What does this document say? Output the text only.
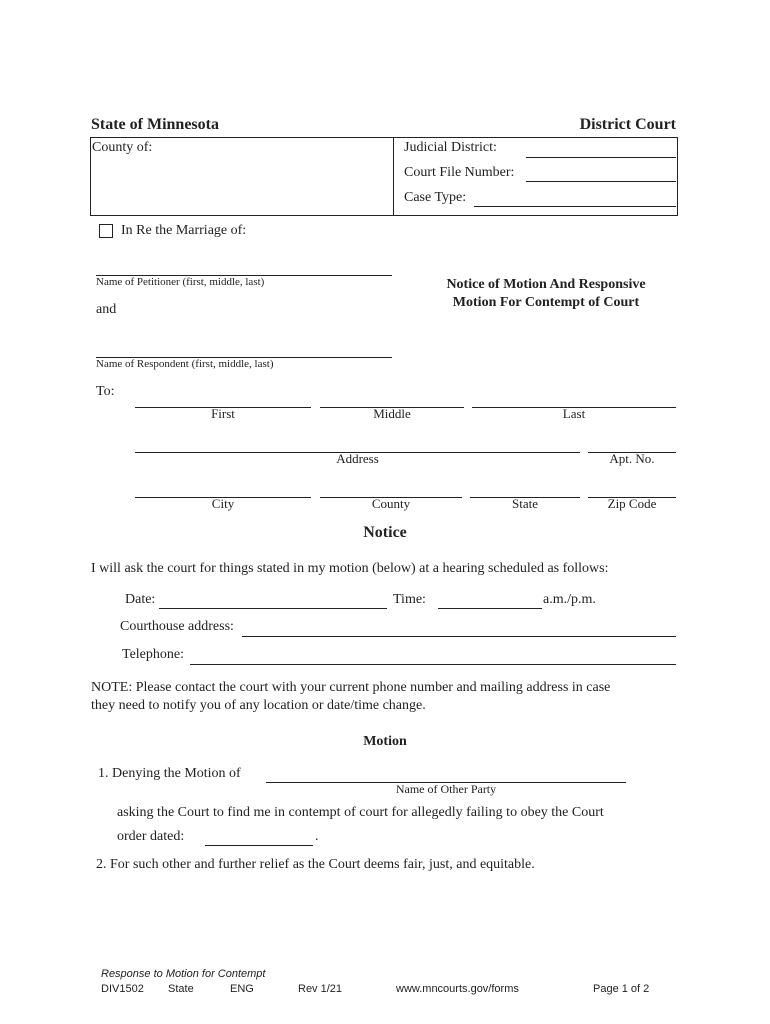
State of Minnesota	District Court
County of:	Judicial District:
Court File Number:
Case Type:
In Re the Marriage of:
Name of Petitioner (first, middle, last)
and
Name of Respondent (first, middle, last)
Notice of Motion And Responsive
Motion For Contempt of Court
To:
First	Middle	Last
Address	Apt. No.
City	County	State	Zip Code
Notice
I will ask the court for things stated in my motion (below) at a hearing scheduled as follows:
Date:	Time:	a.m./p.m.
Courthouse address:
Telephone:
NOTE: Please contact the court with your current phone number and mailing address in case
they need to notify you of any location or date/time change.
Motion
1. Denying the Motion of
Name of Other Party
asking the Court to find me in contempt of court for allegedly failing to obey the Court
order dated:	.
2. For such other and further relief as the Court deems fair, just, and equitable.
Response to Motion for Contempt
DIV1502 State	ENG	Rev 1/21	www.mncourts.gov/forms	Page 1 of 2
